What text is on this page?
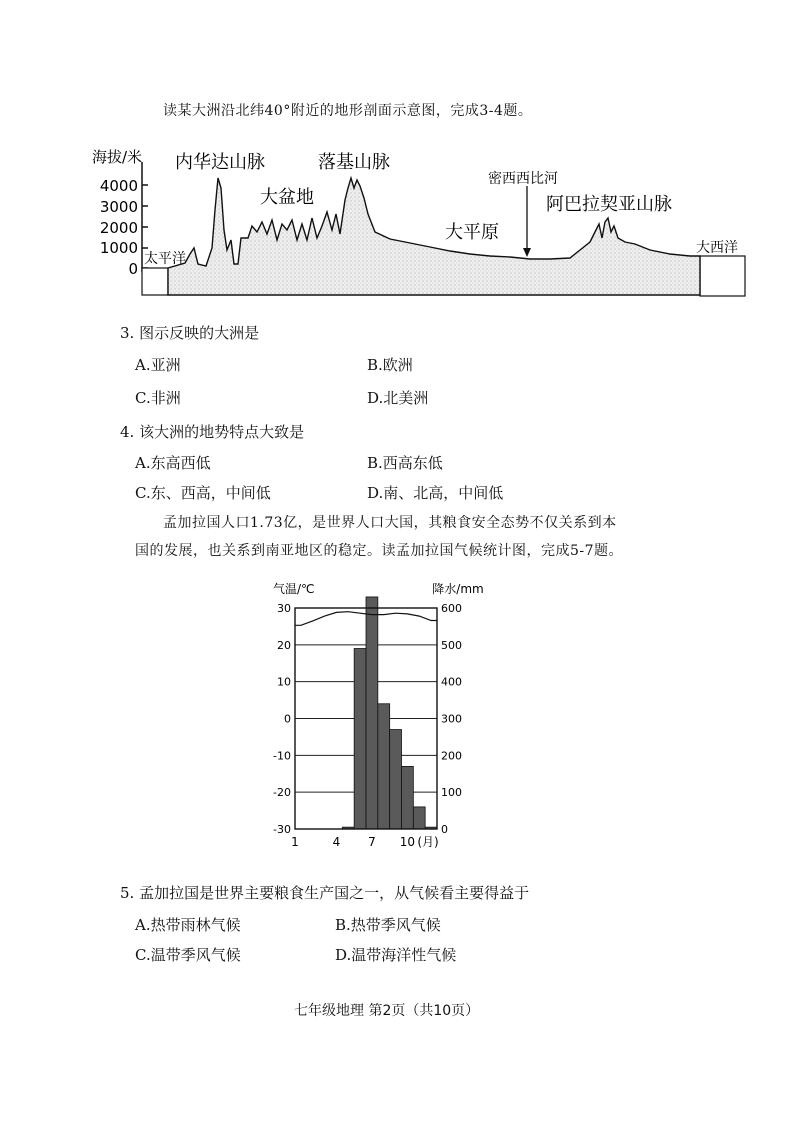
读某大洲沿北纬40°附近的地形剖面示意图，完成3-4题。
海拔/米
4000
3000
2000
1000
0
太平洋
内华达山脉
大盆地
落基山脉
密西西比河
大平原
阿巴拉契亚山脉
大西洋
3. 图示反映的大洲是
A.亚洲	B.欧洲
C.非洲	D.北美洲
4. 该大洲的地势特点大致是
A.东高西低	B.西高东低
C.东、西高，中间低	D.南、北高，中间低
孟加拉国人口1.73亿，是世界人口大国，其粮食安全态势不仅关系到本
国的发展，也关系到南亚地区的稳定。读孟加拉国气候统计图，完成5-7题。
气温/℃	降水/mm
(月)
30
20
10
0
-10
-20
-30
600
500
400
300
200
100
0
1	4 7 10
5. 孟加拉国是世界主要粮食生产国之一，从气候看主要得益于
A.热带雨林气候	B.热带季风气候
C.温带季风气候	D.温带海洋性气候
七年级地理 第2页（共10页）
